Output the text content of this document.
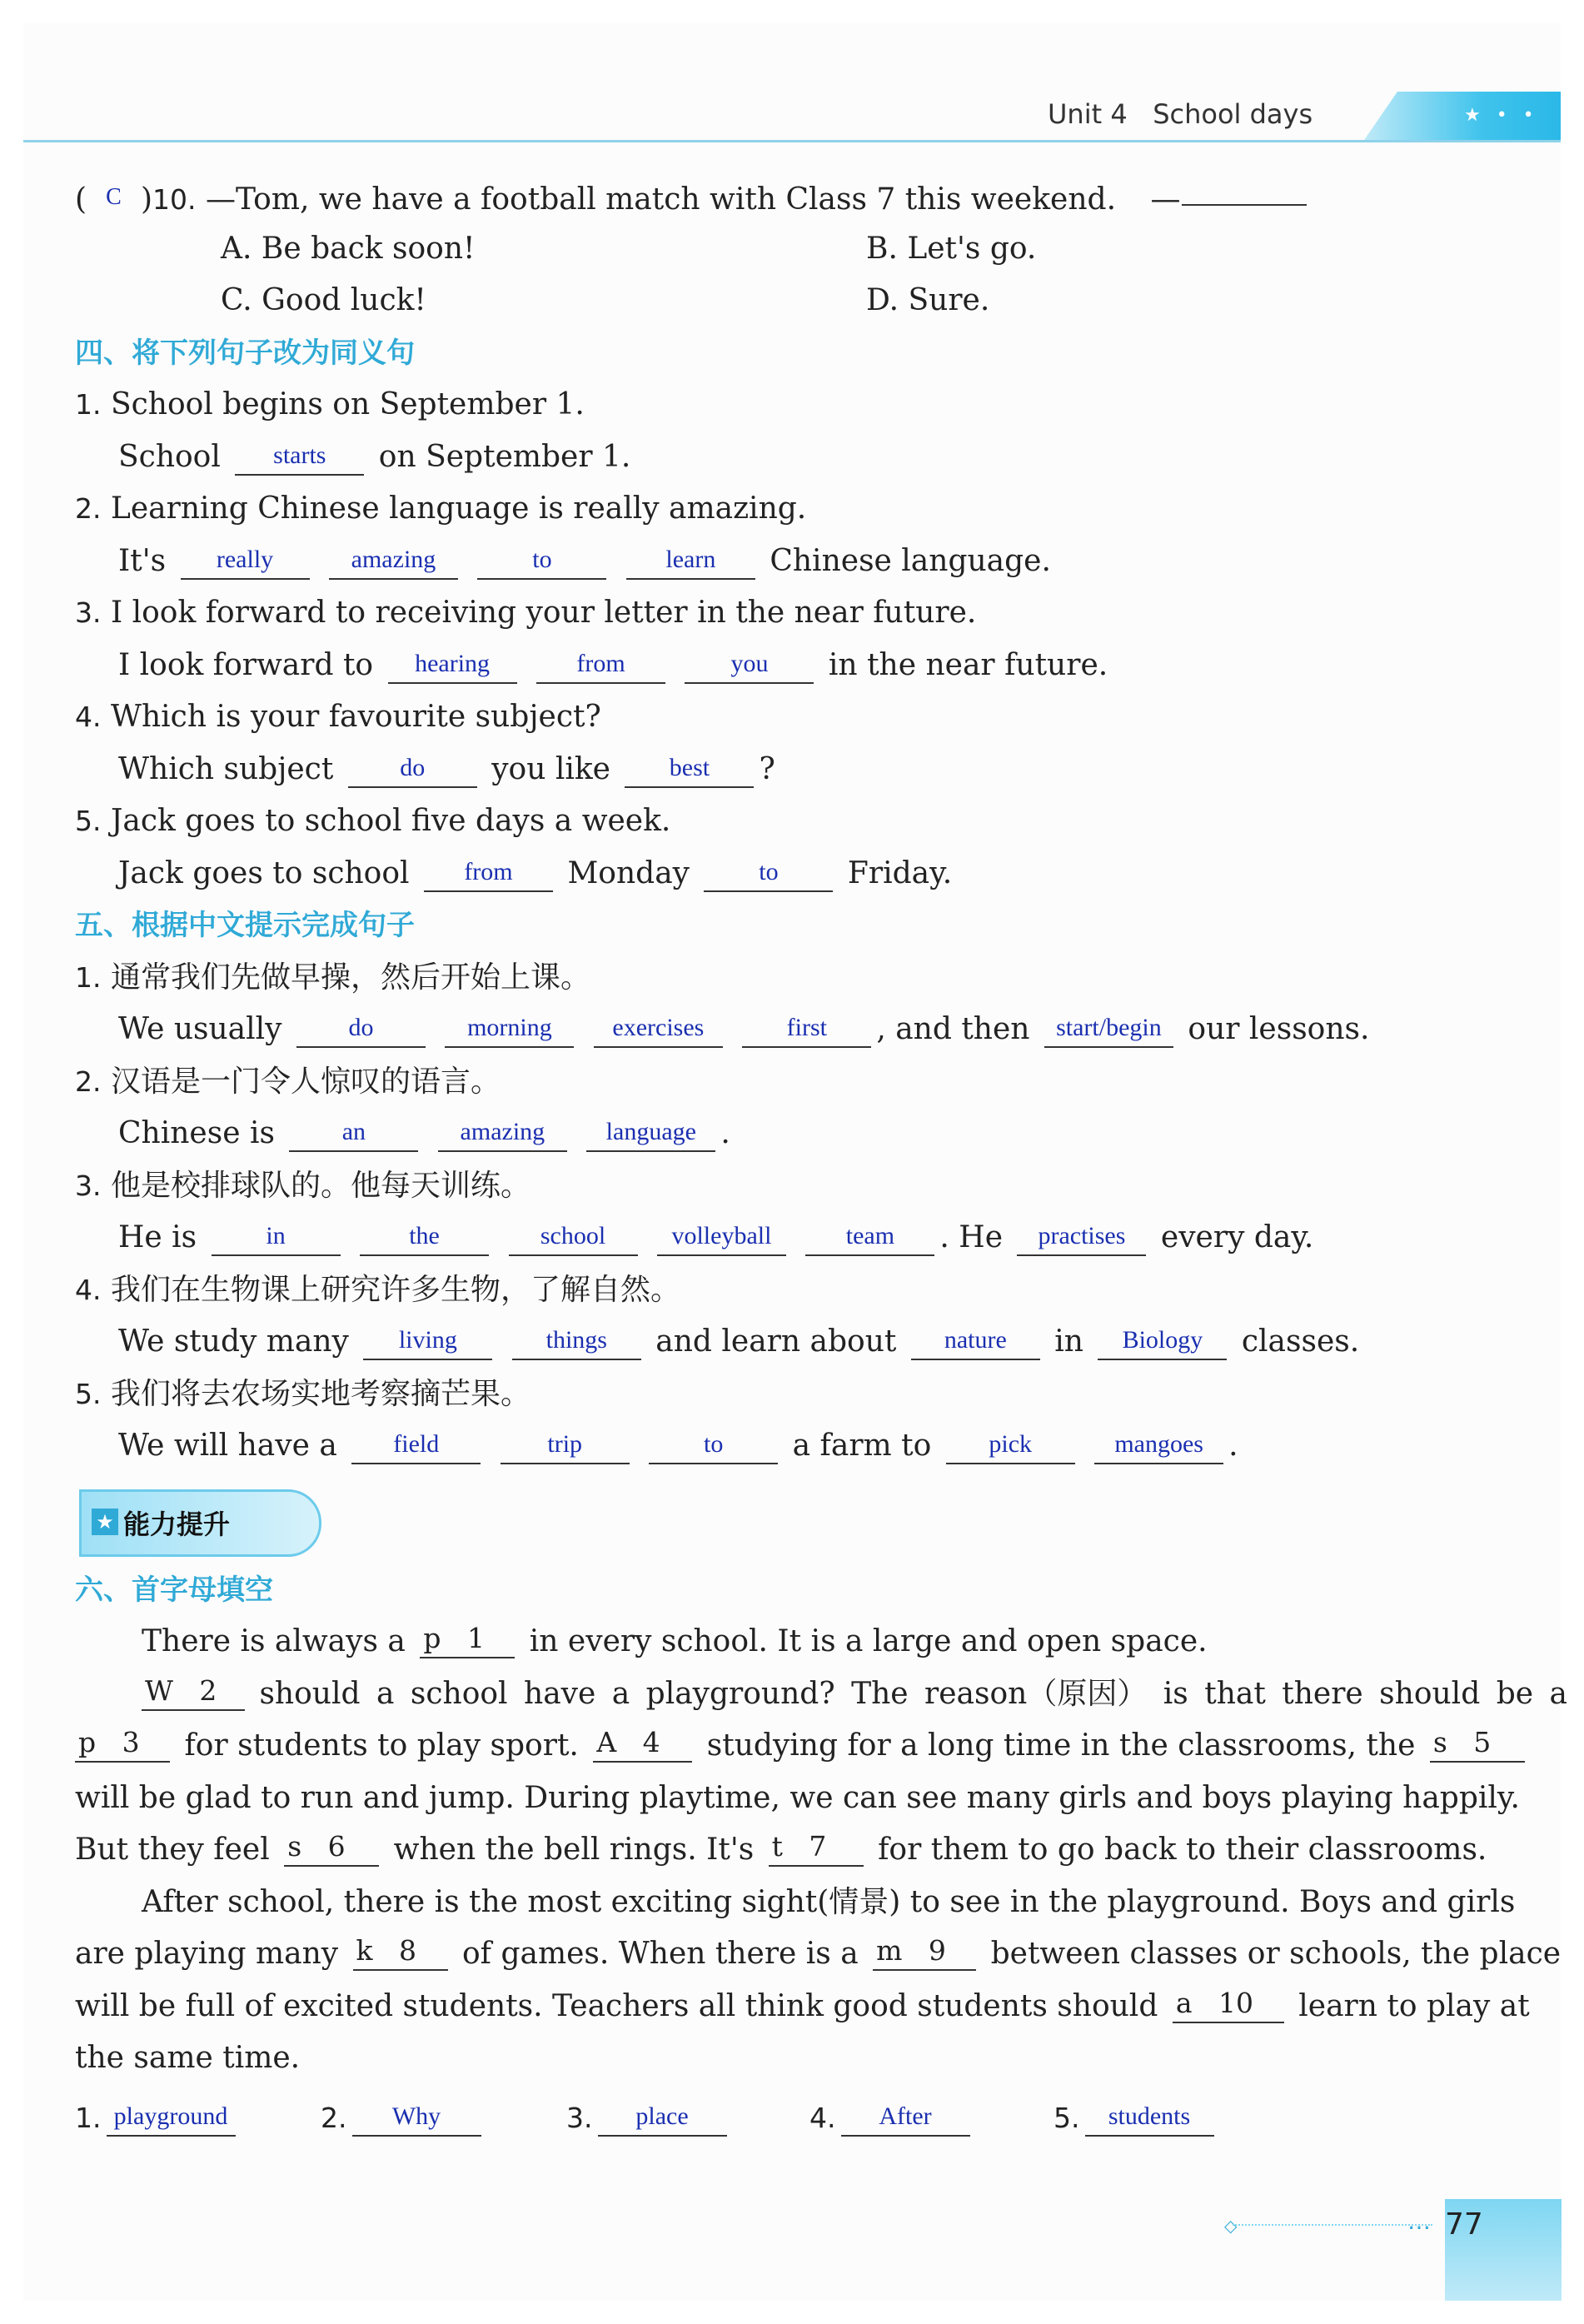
Unit 4 School days	★ • •
( C )10. —Tom, we have a football match with Class 7 this weekend. —
A. Be back soon!	B. Let's go.
C. Good luck!	D. Sure.
四、将下列句子改为同义句
1. School begins on September 1.
School starts on September 1.
2. Learning Chinese language is really amazing.
It's really	amazing	to	learn Chinese language.
3. I look forward to receiving your letter in the near future.
I look forward to hearing	from	you in the near future.
4. Which is your favourite subject?
Which subject	do you like best ?
5. Jack goes to school five days a week.
Jack goes to school from Monday	to Friday.
五、根据中文提示完成句子
1. 通常我们先做早操，然后开始上课。
We usually	do	morning exercises	first , and then start/begin our lessons.
2. 汉语是一门令人惊叹的语言。
Chinese is	an	amazing language .
3. 他是校排球队的。他每天训练。
He is	in	the	school	volleyball	team . He practises every day.
4. 我们在生物课上研究许多生物，了解自然。
We study many living	things and learn about nature in Biology classes.
5. 我们将去农场实地考察摘芒果。
We will have a field	trip	to a farm to pick	mangoes .
★ 能力提升
六、首字母填空
There is always a p 1 in every school. It is a large and open space.
W 2 should a school have a playground? The reason（原因） is that there should be a
p 3 for students to play sport. A 4 studying for a long time in the classrooms, the s 5
will be glad to run and jump. During playtime, we can see many girls and boys playing happily.
But they feel s 6 when the bell rings. It's t 7 for them to go back to their classrooms.
After school, there is the most exciting sight(情景) to see in the playground. Boys and girls
are playing many k 8 of games. When there is a m 9 between classes or schools, the place
will be full of excited students. Teachers all think good students should a 10 learn to play at
the same time.
1. playground	2. Why	3. place	4. After	5. students
◇	… 77
